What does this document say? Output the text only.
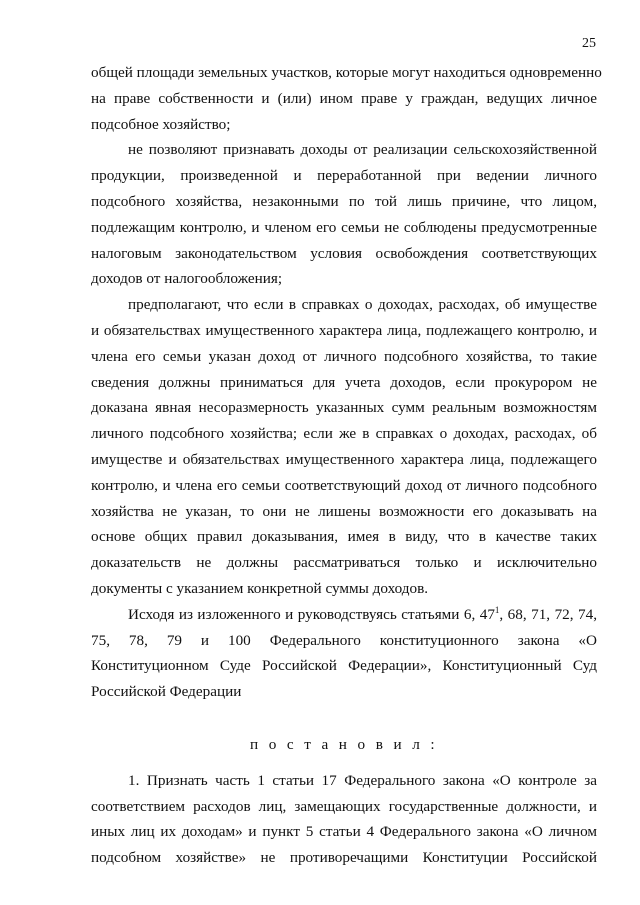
25
общей площади земельных участков, которые могут находиться одновременно
на праве собственности и (или) ином праве у граждан, ведущих личное
подсобное хозяйство;
не позволяют признавать доходы от реализации сельскохозяйственной
продукции, произведенной и переработанной при ведении личного
подсобного хозяйства, незаконными по той лишь причине, что лицом,
подлежащим контролю, и членом его семьи не соблюдены предусмотренные
налоговым законодательством условия освобождения соответствующих
доходов от налогообложения;
предполагают, что если в справках о доходах, расходах, об имуществе
и обязательствах имущественного характера лица, подлежащего контролю, и
члена его семьи указан доход от личного подсобного хозяйства, то такие
сведения должны приниматься для учета доходов, если прокурором не
доказана явная несоразмерность указанных сумм реальным возможностям
личного подсобного хозяйства; если же в справках о доходах, расходах, об
имуществе и обязательствах имущественного характера лица, подлежащего
контролю, и члена его семьи соответствующий доход от личного подсобного
хозяйства не указан, то они не лишены возможности его доказывать на
основе общих правил доказывания, имея в виду, что в качестве таких
доказательств не должны рассматриваться только и исключительно
документы с указанием конкретной суммы доходов.
Исходя из изложенного и руководствуясь статьями 6, $47^1$, 68, 71, 72, 74,
75, 78, 79 и 100 Федерального конституционного закона «О
Конституционном Суде Российской Федерации», Конституционный Суд
Российской Федерации
п о с т а н о в и л :
1. Признать часть 1 статьи 17 Федерального закона «О контроле за
соответствием расходов лиц, замещающих государственные должности, и
иных лиц их доходам» и пункт 5 статьи 4 Федерального закона «О личном
подсобном хозяйстве» не противоречащими Конституции Российской
